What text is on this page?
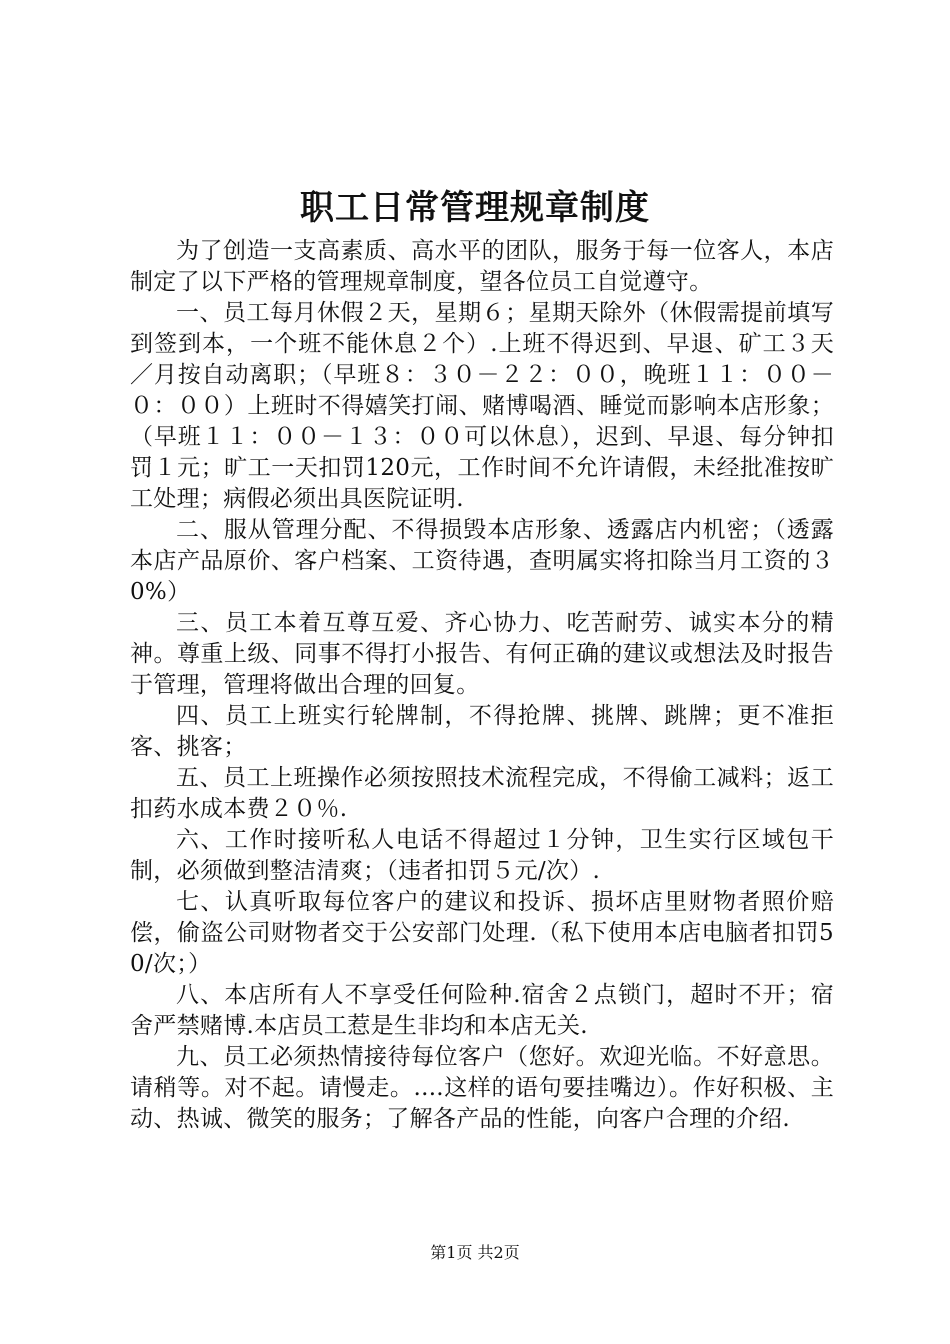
职工日常管理规章制度

为了创造一支高素质、高水平的团队，服务于每一位客人，本店制定了以下严格的管理规章制度，望各位员工自觉遵守。

一、员工每月休假２天，星期６；星期天除外（休假需提前填写到签到本，一个班不能休息２个）.上班不得迟到、早退、矿工３天／月按自动离职；（早班８：３０－２２：００，晚班１１：００－０：００）上班时不得嬉笑打闹、赌博喝酒、睡觉而影响本店形象；（早班１１：００－１３：００可以休息），迟到、早退、每分钟扣罚１元；旷工一天扣罚120元，工作时间不允许请假，未经批准按旷工处理；病假必须出具医院证明.

二、服从管理分配、不得损毁本店形象、透露店内机密；（透露本店产品原价、客户档案、工资待遇，查明属实将扣除当月工资的３0%）

三、员工本着互尊互爱、齐心协力、吃苦耐劳、诚实本分的精神。尊重上级、同事不得打小报告、有何正确的建议或想法及时报告于管理，管理将做出合理的回复。

四、员工上班实行轮牌制，不得抢牌、挑牌、跳牌；更不准拒客、挑客；

五、员工上班操作必须按照技术流程完成，不得偷工减料；返工扣药水成本费２０％.

六、工作时接听私人电话不得超过１分钟，卫生实行区域包干制，必须做到整洁清爽；（违者扣罚５元/次）.

七、认真听取每位客户的建议和投诉、损坏店里财物者照价赔偿，偷盗公司财物者交于公安部门处理.（私下使用本店电脑者扣罚50/次；）

八、本店所有人不享受任何险种.宿舍２点锁门，超时不开；宿舍严禁赌博.本店员工惹是生非均和本店无关.

九、员工必须热情接待每位客户（您好。欢迎光临。不好意思。请稍等。对不起。请慢走。....这样的语句要挂嘴边）。作好积极、主动、热诚、微笑的服务；了解各产品的性能，向客户合理的介绍.

第1页 共2页
